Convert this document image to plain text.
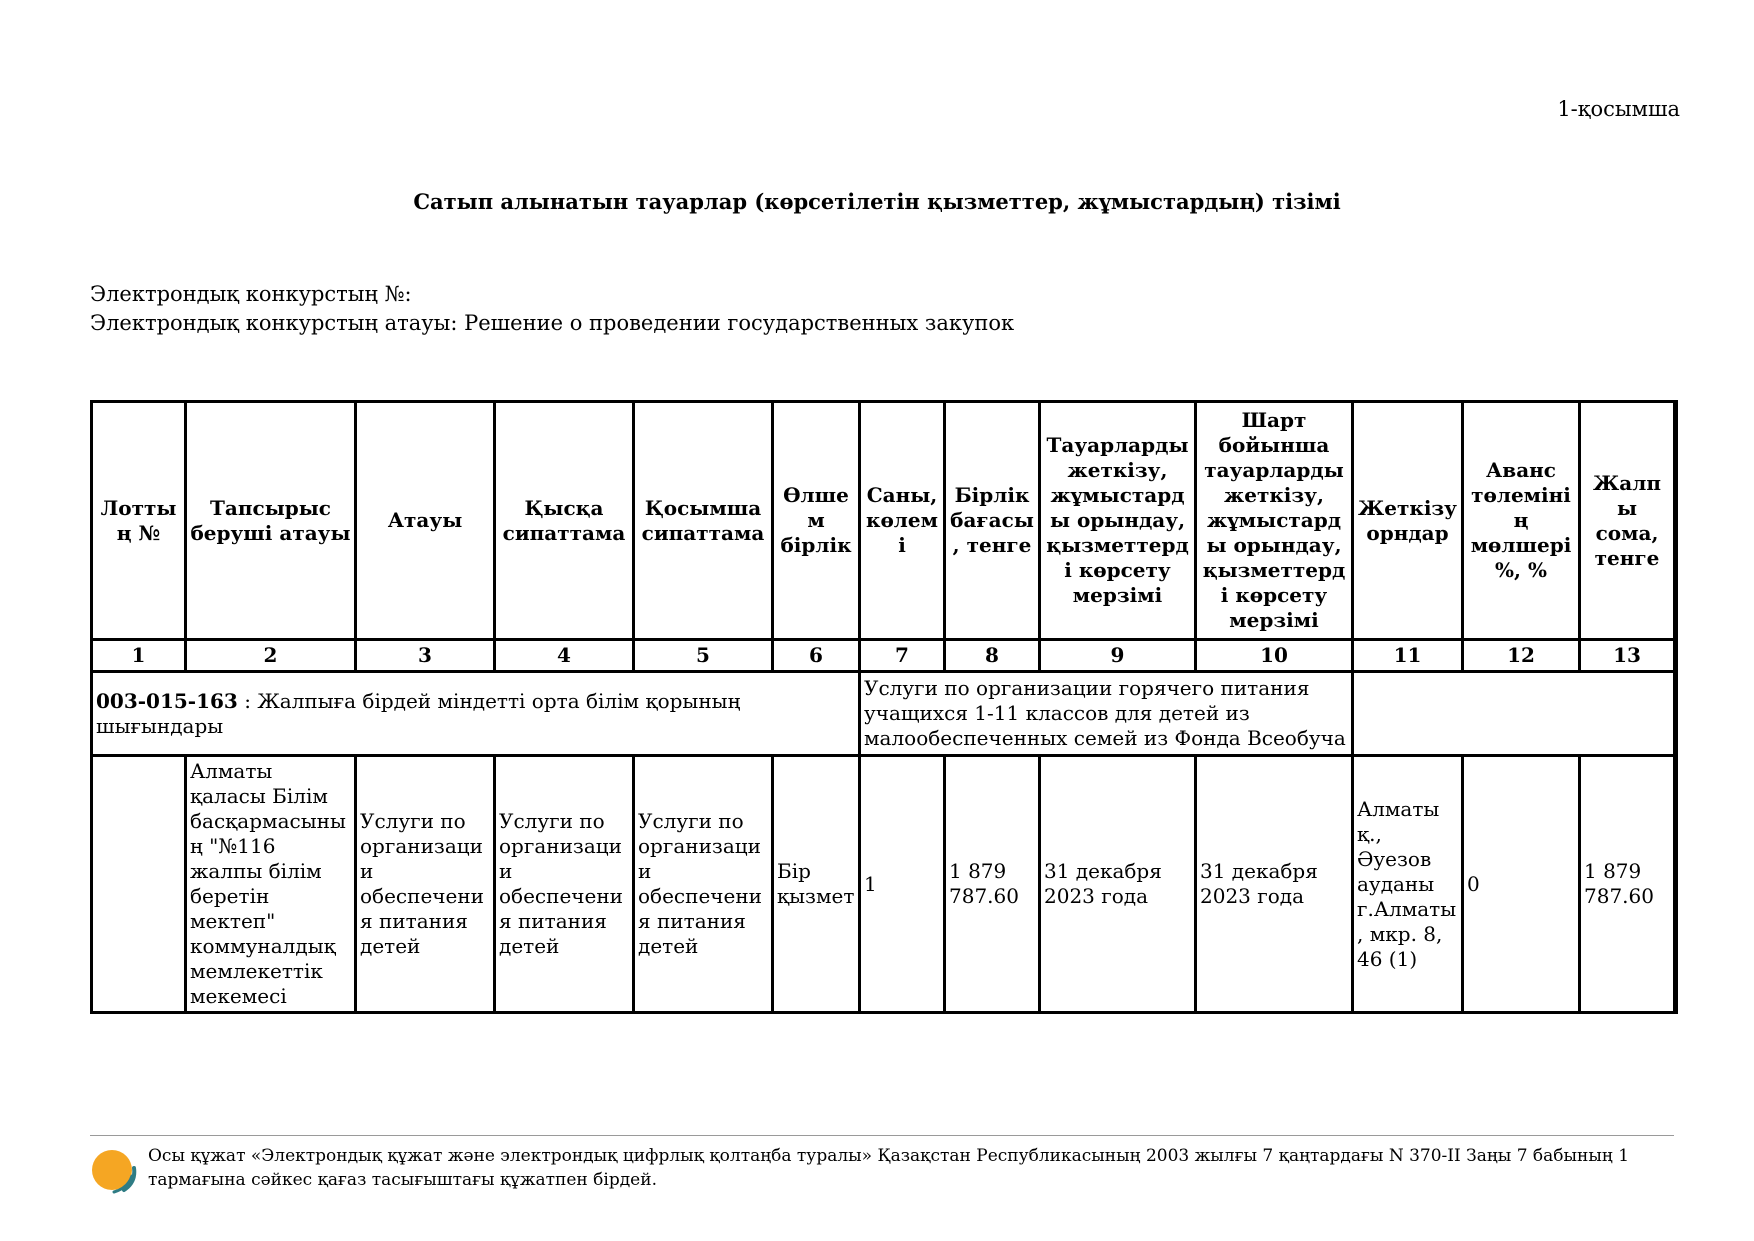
1-қосымша
Сатып алынатын тауарлар (көрсетілетін қызметтер, жұмыстардың) тізімі
Электрондық конкурстың №:
Электрондық конкурстың атауы: Решение о проведении государственных закупок
Лоттың №	Тапсырыс беруші атауы	Атауы	Қысқа сипаттама	Қосымша сипаттама	Өлшем бірлік	Саны, көлемі	Бірлік бағасы, тенге	Тауарларды жеткізу, жұмыстарды орындау, қызметтерді көрсету мерзімі	Шарт бойынша тауарларды жеткізу, жұмыстарды орындау, қызметтерді көрсету мерзімі	Жеткізу орндар	Аванс төлемінің мөлшері %, %	Жалпы сома, тенге
1	2	3	4	5	6	7	8	9	10	11	12	13
003-015-163 : Жалпыға бірдей міндетті орта білім қорының шығындары						Услуги по организации горячего питания учащихся 1-11 классов для детей из малообеспеченных семей из Фонда Всеобуча						
	Алматы қаласы Білім басқармасының "№116 жалпы білім беретін мектеп" коммуналдық мемлекеттік мекемесі	Услуги по организации обеспечения питания детей	Услуги по организации обеспечения питания детей	Услуги по организации обеспечения питания детей	Бір қызмет	1	1 879 787.60	31 декабря 2023 года	31 декабря 2023 года	Алматы қ., Әуезов ауданы г.Алматы, мкр. 8, 46 (1)	0	1 879 787.60
Осы құжат «Электрондық құжат және электрондық цифрлық қолтаңба туралы» Қазақстан Республикасының 2003 жылғы 7 қаңтардағы N 370-II Заңы 7 бабының 1 тармағына сәйкес қағаз тасығыштағы құжатпен бірдей.
